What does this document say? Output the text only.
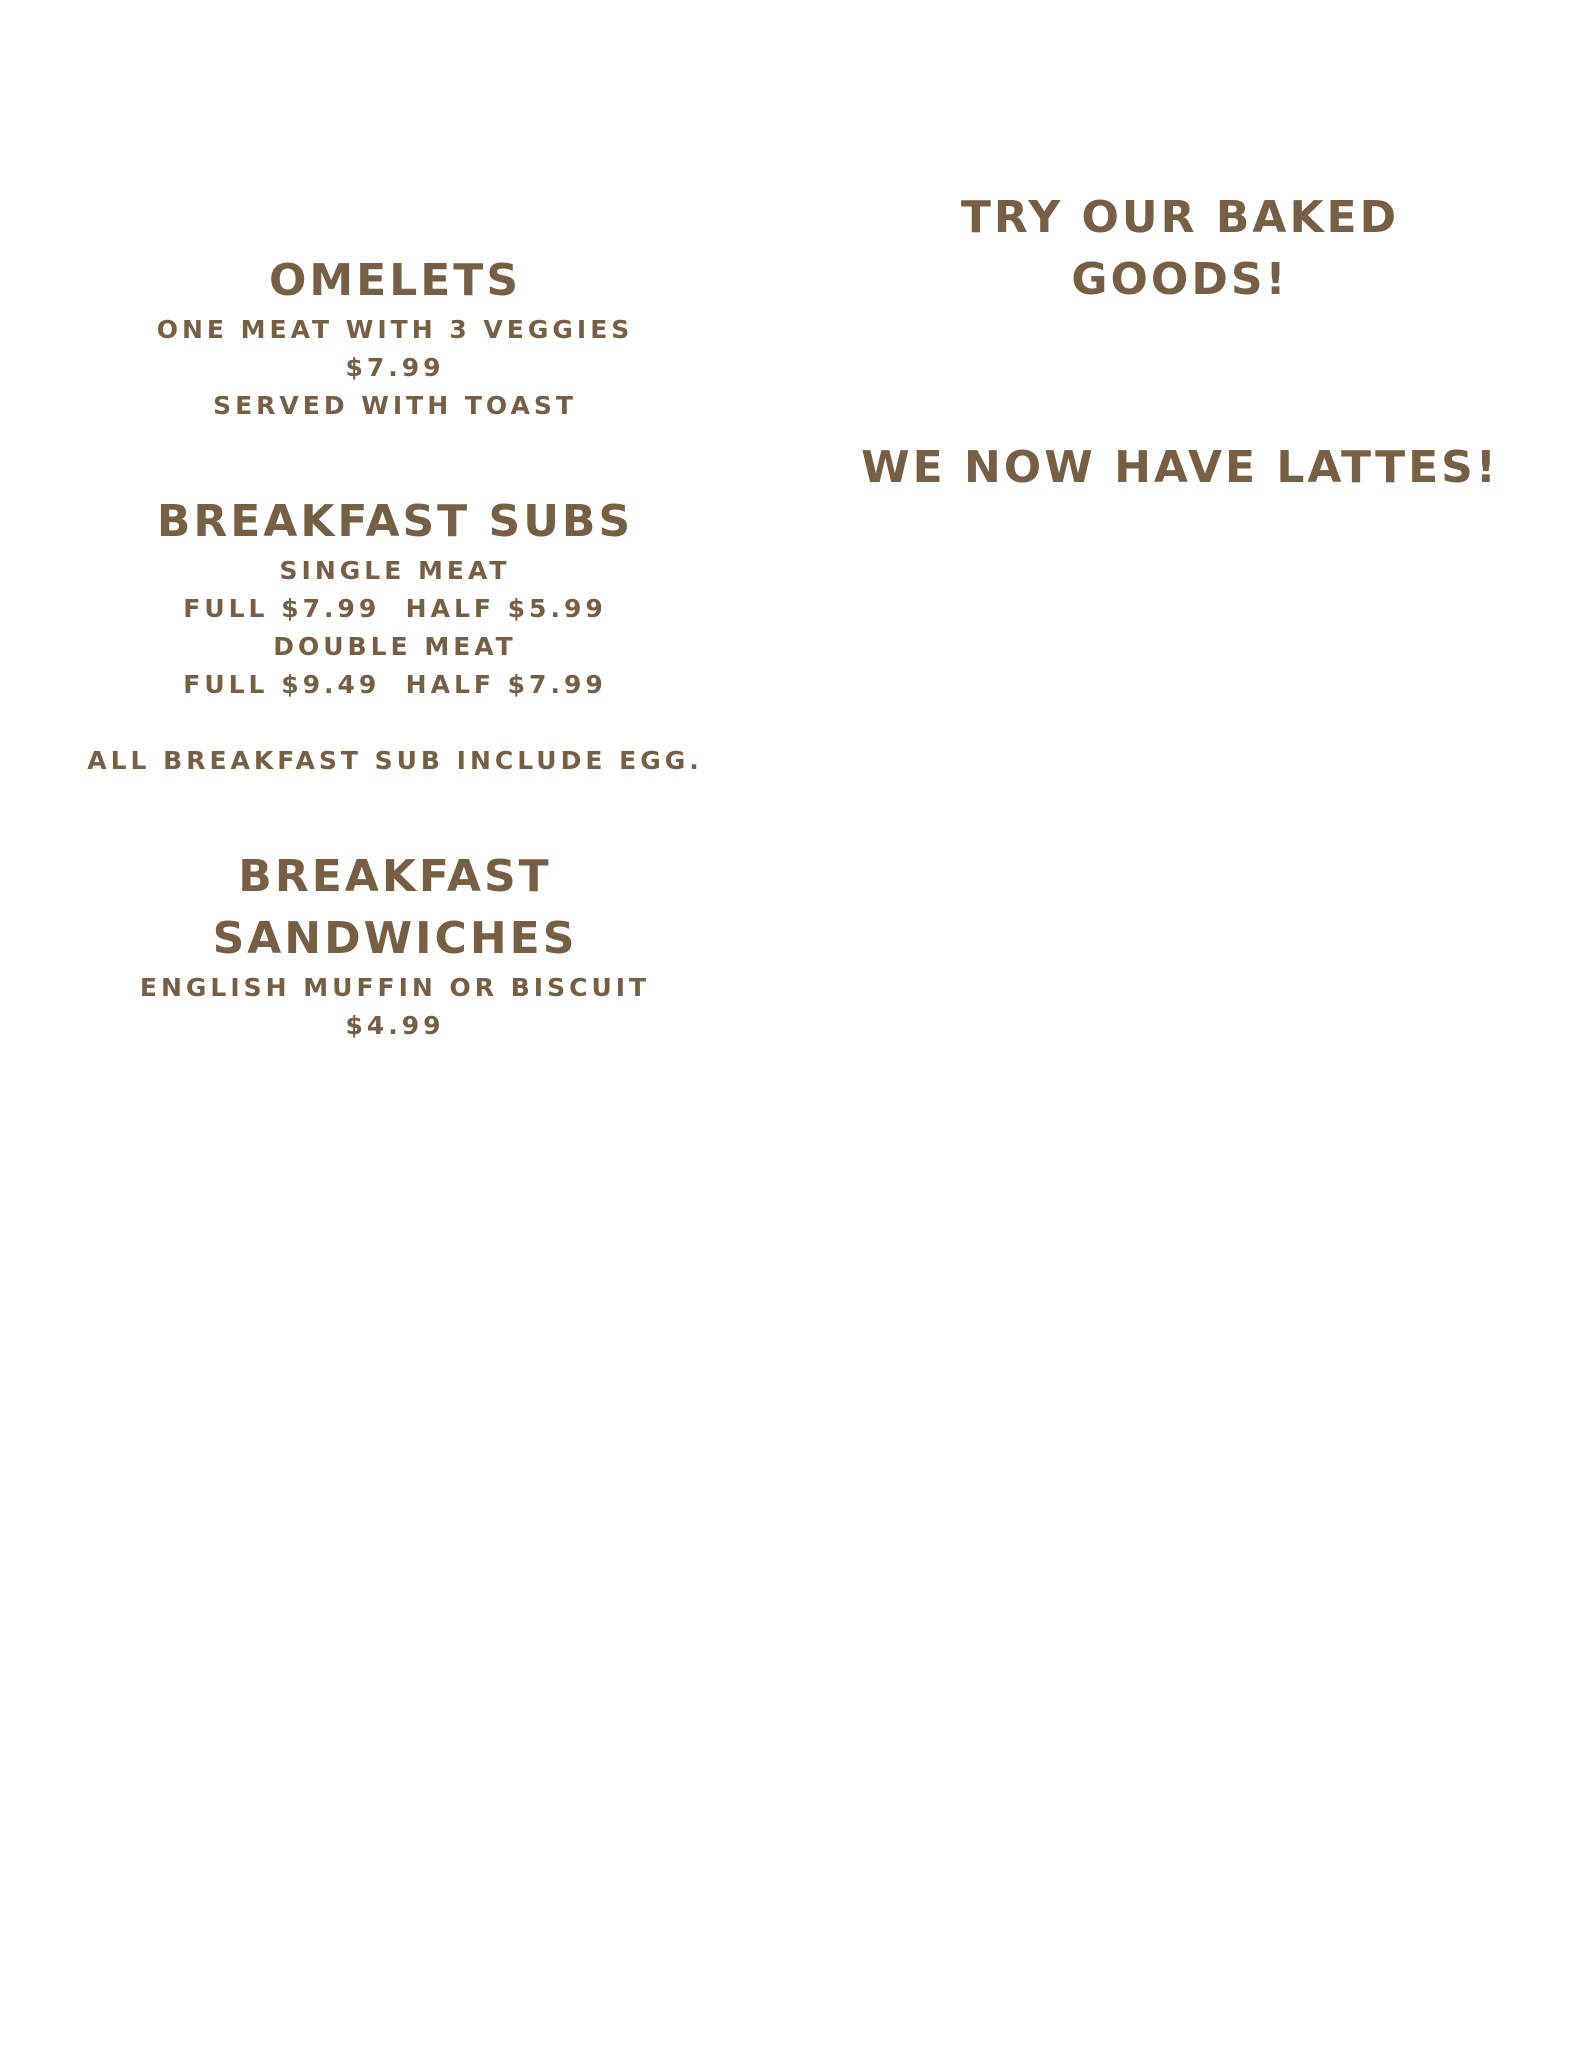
OMELETS
ONE MEAT WITH 3 VEGGIES
$7.99
SERVED WITH TOAST
BREAKFAST SUBS
SINGLE MEAT
FULL $7.99  HALF $5.99
DOUBLE MEAT
FULL $9.49  HALF $7.99
ALL BREAKFAST SUB INCLUDE EGG.
BREAKFAST
SANDWICHES
ENGLISH MUFFIN OR BISCUIT
$4.99
TRY OUR BAKED
GOODS!
WE NOW HAVE LATTES!
